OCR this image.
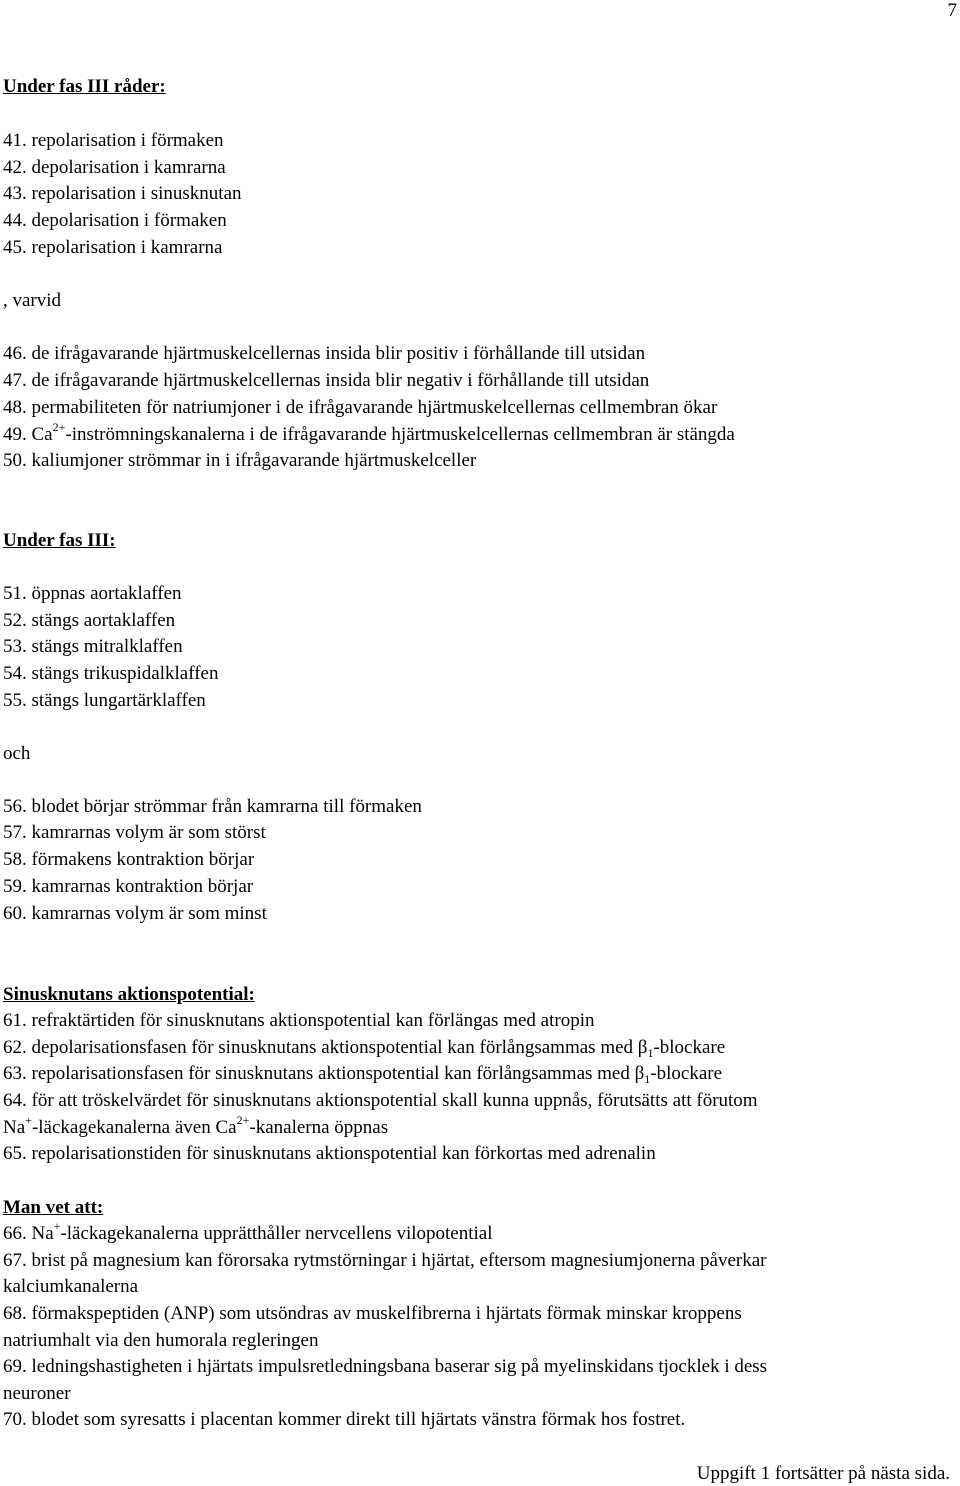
7
Under fas III råder:
41. repolarisation i förmaken
42. depolarisation i kamrarna
43. repolarisation i sinusknutan
44. depolarisation i förmaken
45. repolarisation i kamrarna
, varvid
46. de ifrågavarande hjärtmuskelcellernas insida blir positiv i förhållande till utsidan
47. de ifrågavarande hjärtmuskelcellernas insida blir negativ i förhållande till utsidan
48. permabiliteten för natriumjoner i de ifrågavarande hjärtmuskelcellernas cellmembran ökar
49. $Ca^{2+}$-inströmningskanalerna i de ifrågavarande hjärtmuskelcellernas cellmembran är stängda
50. kaliumjoner strömmar in i ifrågavarande hjärtmuskelceller
Under fas III:
51. öppnas aortaklaffen
52. stängs aortaklaffen
53. stängs mitralklaffen
54. stängs trikuspidalklaffen
55. stängs lungartärklaffen
och
56. blodet börjar strömmar från kamrarna till förmaken
57. kamrarnas volym är som störst
58. förmakens kontraktion börjar
59. kamrarnas kontraktion börjar
60. kamrarnas volym är som minst
Sinusknutans aktionspotential:
61. refraktärtiden för sinusknutans aktionspotential kan förlängas med atropin
62. depolarisationsfasen för sinusknutans aktionspotential kan förlångsammas med $\beta_1$-blockare
63. repolarisationsfasen för sinusknutans aktionspotential kan förlångsammas med $\beta_1$-blockare
64. för att tröskelvärdet för sinusknutans aktionspotential skall kunna uppnås, förutsätts att förutom
Na+-läckagekanalerna även $Ca^{2+}$-kanalerna öppnas
65. repolarisationstiden för sinusknutans aktionspotential kan förkortas med adrenalin
Man vet att:
66. Na+-läckagekanalerna upprätthåller nervcellens vilopotential
67. brist på magnesium kan förorsaka rytmstörningar i hjärtat, eftersom magnesiumjonerna påverkar
kalciumkanalerna
68. förmakspeptiden (ANP) som utsöndras av muskelfibrerna i hjärtats förmak minskar kroppens
natriumhalt via den humorala regleringen
69. ledningshastigheten i hjärtats impulsretledningsbana baserar sig på myelinskidans tjocklek i dess
neuroner
70. blodet som syresatts i placentan kommer direkt till hjärtats vänstra förmak hos fostret.
Uppgift 1 fortsätter på nästa sida.
